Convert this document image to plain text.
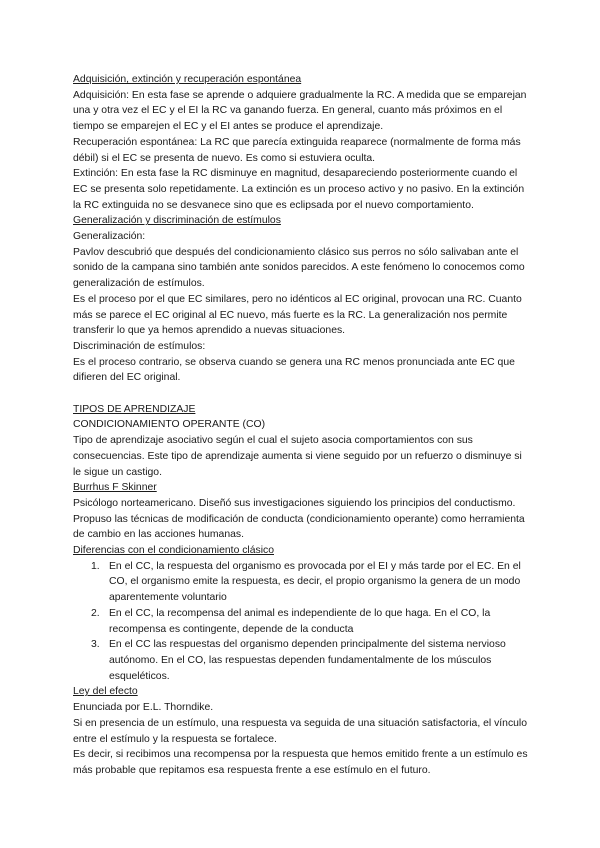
Adquisición, extinción y recuperación espontánea

Adquisición: En esta fase se aprende o adquiere gradualmente la RC. A medida que se emparejan una y otra vez el EC y el EI la RC va ganando fuerza. En general, cuanto más próximos en el tiempo se emparejen el EC y el EI antes se produce el aprendizaje.

Recuperación espontánea: La RC que parecía extinguida reaparece (normalmente de forma más débil) si el EC se presenta de nuevo. Es como si estuviera oculta.

Extinción: En esta fase la RC disminuye en magnitud, desapareciendo posteriormente cuando el EC se presenta solo repetidamente. La extinción es un proceso activo y no pasivo. En la extinción la RC extinguida no se desvanece sino que es eclipsada por el nuevo comportamiento.

Generalización y discriminación de estímulos

Generalización:

Pavlov descubrió que después del condicionamiento clásico sus perros no sólo salivaban ante el sonido de la campana sino también ante sonidos parecidos. A este fenómeno lo conocemos como generalización de estímulos.

Es el proceso por el que EC similares, pero no idénticos al EC original, provocan una RC. Cuanto más se parece el EC original al EC nuevo, más fuerte es la RC. La generalización nos permite transferir lo que ya hemos aprendido a nuevas situaciones.

Discriminación de estímulos:

Es el proceso contrario, se observa cuando se genera una RC menos pronunciada ante EC que difieren del EC original.

TIPOS DE APRENDIZAJE

CONDICIONAMIENTO OPERANTE (CO)

Tipo de aprendizaje asociativo según el cual el sujeto asocia comportamientos con sus consecuencias. Este tipo de aprendizaje aumenta si viene seguido por un refuerzo o disminuye si le sigue un castigo.

Burrhus F Skinner

Psicólogo norteamericano. Diseñó sus investigaciones siguiendo los principios del conductismo. Propuso las técnicas de modificación de conducta (condicionamiento operante) como herramienta de cambio en las acciones humanas.

Diferencias con el condicionamiento clásico

1. En el CC, la respuesta del organismo es provocada por el EI y más tarde por el EC. En el CO, el organismo emite la respuesta, es decir, el propio organismo la genera de un modo aparentemente voluntario
2. En el CC, la recompensa del animal es independiente de lo que haga. En el CO, la recompensa es contingente, depende de la conducta
3. En el CC las respuestas del organismo dependen principalmente del sistema nervioso autónomo. En el CO, las respuestas dependen fundamentalmente de los músculos esqueléticos.

Ley del efecto

Enunciada por E.L. Thorndike.

Si en presencia de un estímulo, una respuesta va seguida de una situación satisfactoria, el vínculo entre el estímulo y la respuesta se fortalece.

Es decir, si recibimos una recompensa por la respuesta que hemos emitido frente a un estímulo es más probable que repitamos esa respuesta frente a ese estímulo en el futuro.
